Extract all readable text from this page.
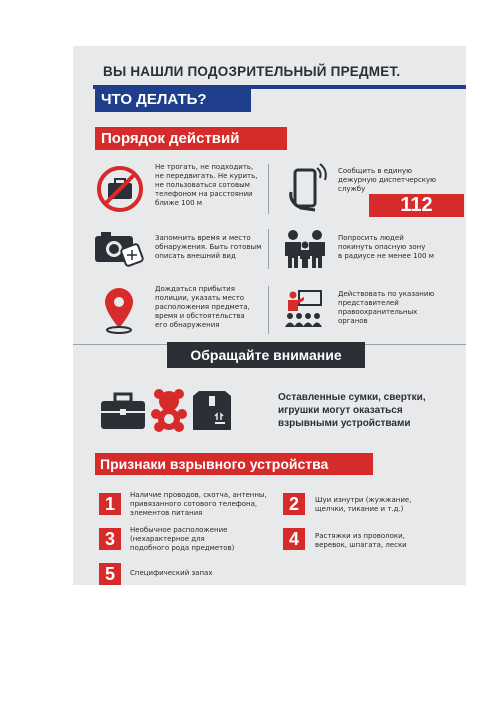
ВЫ НАШЛИ ПОДОЗРИТЕЛЬНЫЙ ПРЕДМЕТ.
ЧТО ДЕЛАТЬ?
Порядок действий
Не трогать, не подходить,
не передвигать. Не курить,
не пользоваться сотовым
телефоном на расстоянии
ближе 100 м
Сообщить в единую
дежурную диспетчерскую
службу
112
Запомнить время и место
обнаружения. Быть готовым
описать внешний вид
Попросить людей
покинуть опасную зону
в радиусе не менее 100 м
Дождаться прибытия
полиции, указать место
расположения предмета,
время и обстоятельства
его обнаружения
Действовать по указанию
представителей
правоохранительных
органов
Обращайте внимание
Оставленные сумки, свертки,
игрушки могут оказаться
взрывными устройствами
Признаки взрывного устройства
1	Наличие проводов, скотча, антенны,
привязанного сотового телефона,
элементов питания	2	Шуи изнутри (жужжание,
щелчки, тикание и т.д.)
3	Необычное расположение
(нехарактерное для
подобного рода предметов)	4	Растяжки из проволоки,
веревок, шпагата, лески
5	Специфический запах
